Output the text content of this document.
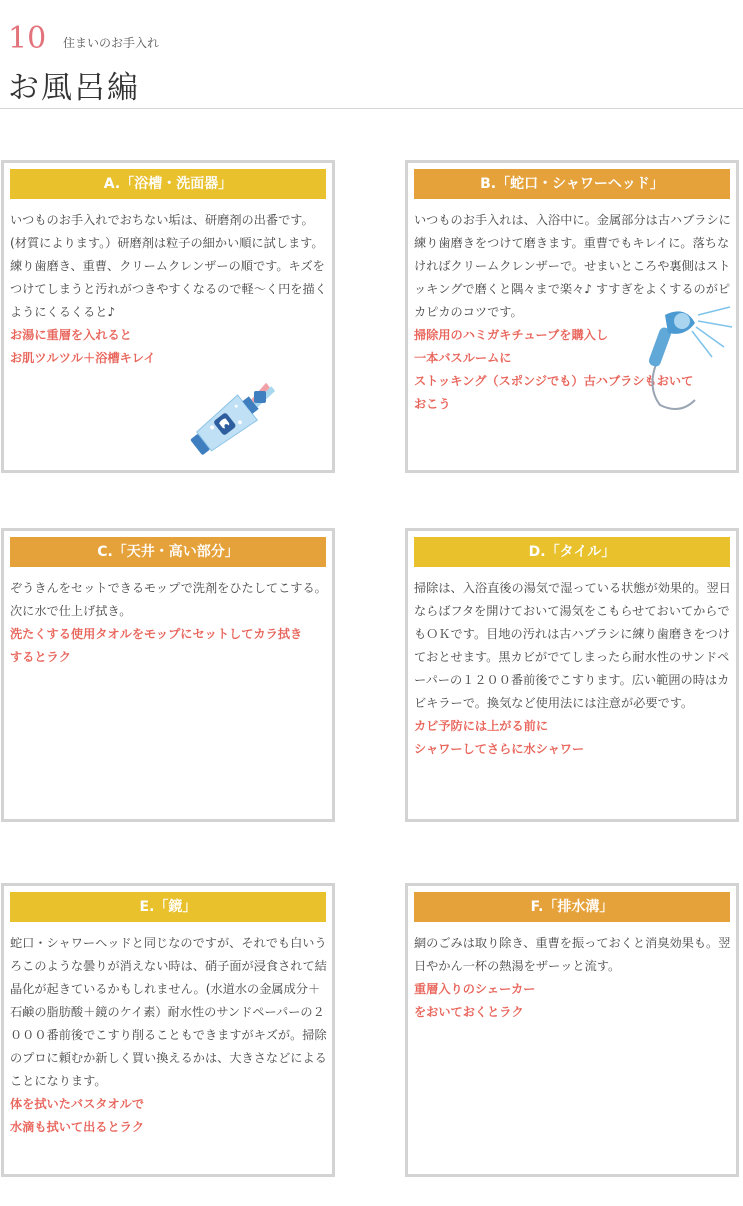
10 住まいのお手入れ
お風呂編
A.「浴槽・洗面器」

いつものお手入れでおちない垢は、研磨剤の出番です。(材質によります。）研磨剤は粒子の細かい順に試します。練り歯磨き、重曹、クリームクレンザーの順です。キズをつけてしまうと汚れがつきやすくなるので軽〜く円を描くようにくるくると♪

お湯に重層を入れると
お肌ツルツル＋浴槽キレイ

B.「蛇口・シャワーヘッド」

いつものお手入れは、入浴中に。金属部分は古ハブラシに練り歯磨きをつけて磨きます。重曹でもキレイに。落ちなければクリームクレンザーで。せまいところや裏側はストッキングで磨くと隅々まで楽々♪ すすぎをよくするのがピカピカのコツです。

掃除用のハミガキチューブを購入し
一本バスルームに

ストッキング（スポンジでも）古ハブラシもおいて
おこう

C.「天井・高い部分」

ぞうきんをセットできるモップで洗剤をひたしてこする。次に水で仕上げ拭き。

洗たくする使用タオルをモップにセットしてカラ拭き
するとラク

D.「タイル」

掃除は、入浴直後の湯気で湿っている状態が効果的。翌日ならばフタを開けておいて湯気をこもらせておいてからでもＯＫです。目地の汚れは古ハブラシに練り歯磨きをつけておとせます。黒カビがでてしまったら耐水性のサンドペーパーの１２００番前後でこすります。広い範囲の時はカビキラーで。換気など使用法には注意が必要です。

カビ予防には上がる前に
シャワーしてさらに水シャワー

E.「鏡」

蛇口・シャワーヘッドと同じなのですが、それでも白いうろこのような曇りが消えない時は、硝子面が浸食されて結晶化が起きているかもしれません。(水道水の金属成分＋石鹸の脂肪酸＋鏡のケイ素）耐水性のサンドペーパーの２０００番前後でこすり削ることもできますがキズが。掃除のプロに頼むか新しく買い換えるかは、大きさなどによることになります。

体を拭いたバスタオルで
水滴も拭いて出るとラク

F.「排水溝」

網のごみは取り除き、重曹を振っておくと消臭効果も。翌日やかん一杯の熱湯をザーッと流す。

重層入りのシェーカー
をおいておくとラク
